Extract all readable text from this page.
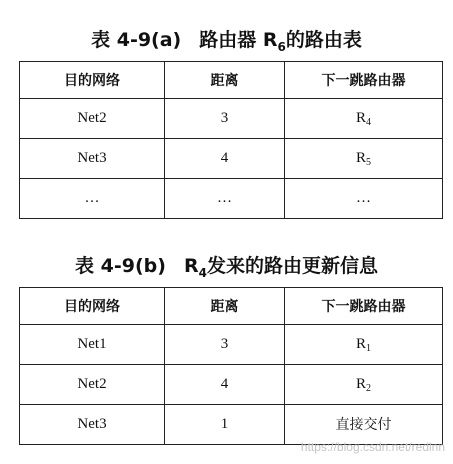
表 4-9(a) 路由器 $R_6$的路由表
目的网络	距离	下一跳路由器
Net2	3	$R_4$
Net3	4	$R_5$
…	…	…
表 4-9(b) $R_4$发来的路由更新信息
目的网络	距离	下一跳路由器
Net1	3	$R_1$
Net2	4	$R_2$
Net3	1	直接交付
https://blog.csdn.net/redlnn
